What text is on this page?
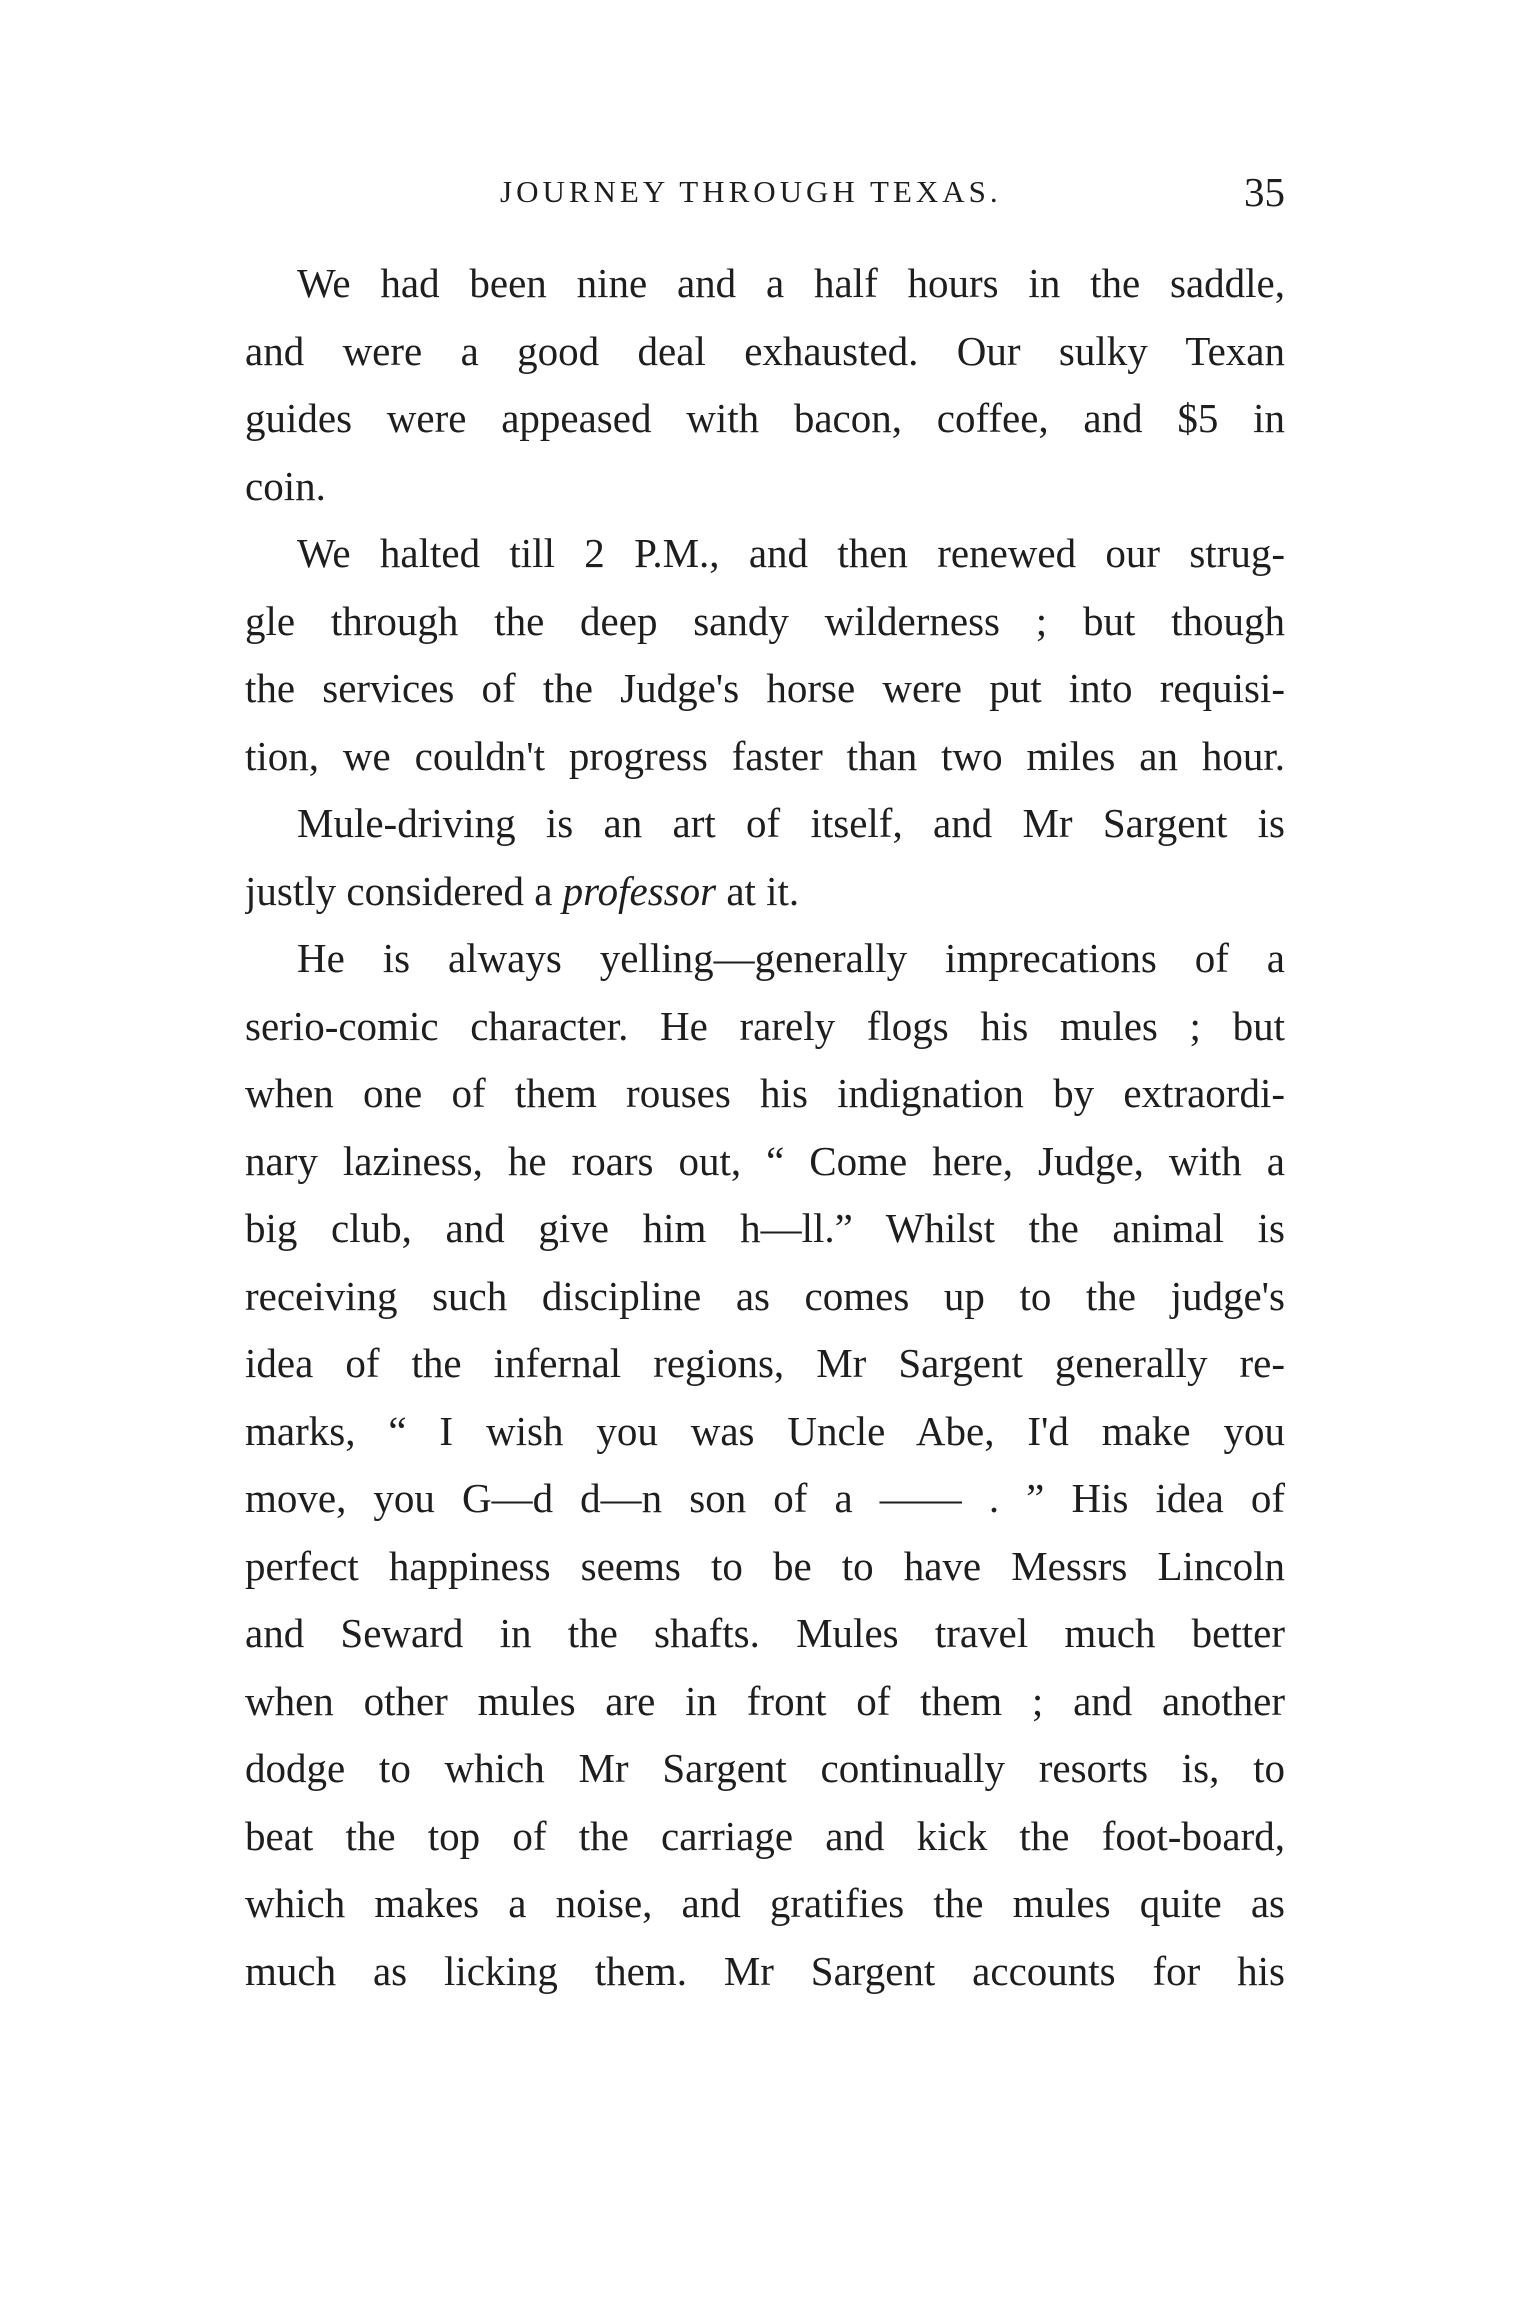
JOURNEY THROUGH TEXAS.	35
We had been nine and a half hours in the saddle,
and were a good deal exhausted. Our sulky Texan
guides were appeased with bacon, coffee, and $5 in
coin.
We halted till 2 P.M., and then renewed our strug-
gle through the deep sandy wilderness ; but though
the services of the Judge's horse were put into requisi-
tion, we couldn't progress faster than two miles an hour.
Mule-driving is an art of itself, and Mr Sargent is
justly considered a professor at it.
He is always yelling—generally imprecations of a
serio-comic character. He rarely flogs his mules ; but
when one of them rouses his indignation by extraordi-
nary laziness, he roars out, “ Come here, Judge, with a
big club, and give him h—ll.” Whilst the animal is
receiving such discipline as comes up to the judge's
idea of the infernal regions, Mr Sargent generally re-
marks, “ I wish you was Uncle Abe, I'd make you
move, you G—d d—n son of a —— . ” His idea of
perfect happiness seems to be to have Messrs Lincoln
and Seward in the shafts. Mules travel much better
when other mules are in front of them ; and another
dodge to which Mr Sargent continually resorts is, to
beat the top of the carriage and kick the foot-board,
which makes a noise, and gratifies the mules quite as
much as licking them. Mr Sargent accounts for his
